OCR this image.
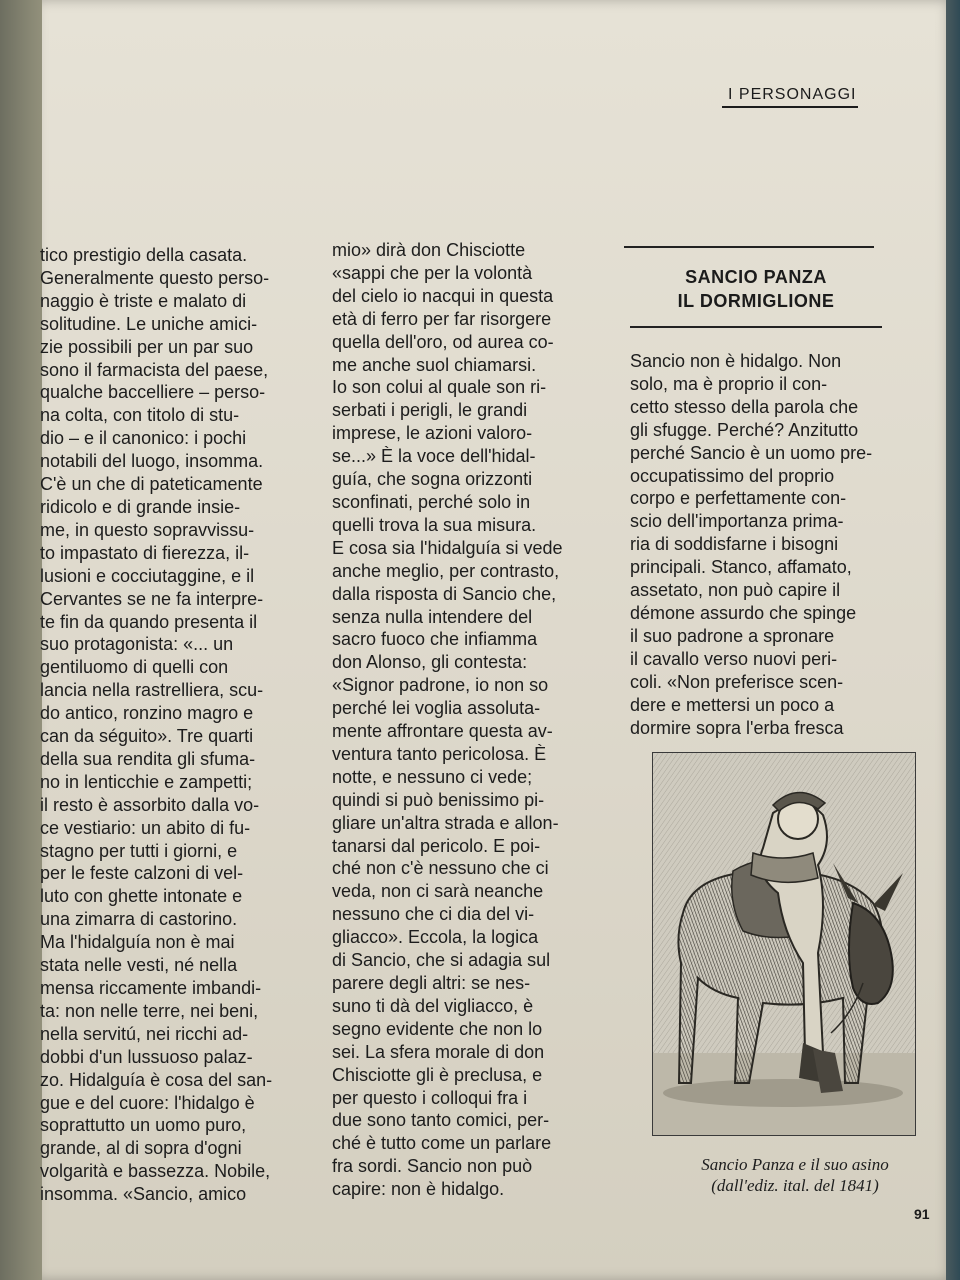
I PERSONAGGI

tico prestigio della casata.

Generalmente questo perso-

naggio è triste e malato di

solitudine. Le uniche amici-

zie possibili per un par suo

sono il farmacista del paese,

qualche baccelliere – perso-

na colta, con titolo di stu-

dio – e il canonico: i pochi

notabili del luogo, insomma.

C'è un che di pateticamente

ridicolo e di grande insie-

me, in questo sopravvissu-

to impastato di fierezza, il-

lusioni e cocciutaggine, e il

Cervantes se ne fa interpre-

te fin da quando presenta il

suo protagonista: «... un

gentiluomo di quelli con

lancia nella rastrelliera, scu-

do antico, ronzino magro e

can da séguito». Tre quarti

della sua rendita gli sfuma-

no in lenticchie e zampetti;

il resto è assorbito dalla vo-

ce vestiario: un abito di fu-

stagno per tutti i giorni, e

per le feste calzoni di vel-

luto con ghette intonate e

una zimarra di castorino.

Ma l'hidalguía non è mai

stata nelle vesti, né nella

mensa riccamente imbandi-

ta: non nelle terre, nei beni,

nella servitú, nei ricchi ad-

dobbi d'un lussuoso palaz-

zo. Hidalguía è cosa del san-

gue e del cuore: l'hidalgo è

soprattutto un uomo puro,

grande, al di sopra d'ogni

volgarità e bassezza. Nobile,

insomma. «Sancio, amico

mio» dirà don Chisciotte

«sappi che per la volontà

del cielo io nacqui in questa

età di ferro per far risorgere

quella dell'oro, od aurea co-

me anche suol chiamarsi.

Io son colui al quale son ri-

serbati i perigli, le grandi

imprese, le azioni valoro-

se...» È la voce dell'hidal-

guía, che sogna orizzonti

sconfinati, perché solo in

quelli trova la sua misura.

E cosa sia l'hidalguía si vede

anche meglio, per contrasto,

dalla risposta di Sancio che,

senza nulla intendere del

sacro fuoco che infiamma

don Alonso, gli contesta:

«Signor padrone, io non so

perché lei voglia assoluta-

mente affrontare questa av-

ventura tanto pericolosa. È

notte, e nessuno ci vede;

quindi si può benissimo pi-

gliare un'altra strada e allon-

tanarsi dal pericolo. E poi-

ché non c'è nessuno che ci

veda, non ci sarà neanche

nessuno che ci dia del vi-

gliacco». Eccola, la logica

di Sancio, che si adagia sul

parere degli altri: se nes-

suno ti dà del vigliacco, è

segno evidente che non lo

sei. La sfera morale di don

Chisciotte gli è preclusa, e

per questo i colloqui fra i

due sono tanto comici, per-

ché è tutto come un parlare

fra sordi. Sancio non può

capire: non è hidalgo.

SANCIO PANZA
IL DORMIGLIONE

Sancio non è hidalgo. Non

solo, ma è proprio il con-

cetto stesso della parola che

gli sfugge. Perché? Anzitutto

perché Sancio è un uomo pre-

occupatissimo del proprio

corpo e perfettamente con-

scio dell'importanza prima-

ria di soddisfarne i bisogni

principali. Stanco, affamato,

assetato, non può capire il

démone assurdo che spinge

il suo padrone a spronare

il cavallo verso nuovi peri-

coli. «Non preferisce scen-

dere e mettersi un poco a

dormire sopra l'erba fresca

Sancio Panza e il suo asino
(dall'ediz. ital. del 1841)
91
